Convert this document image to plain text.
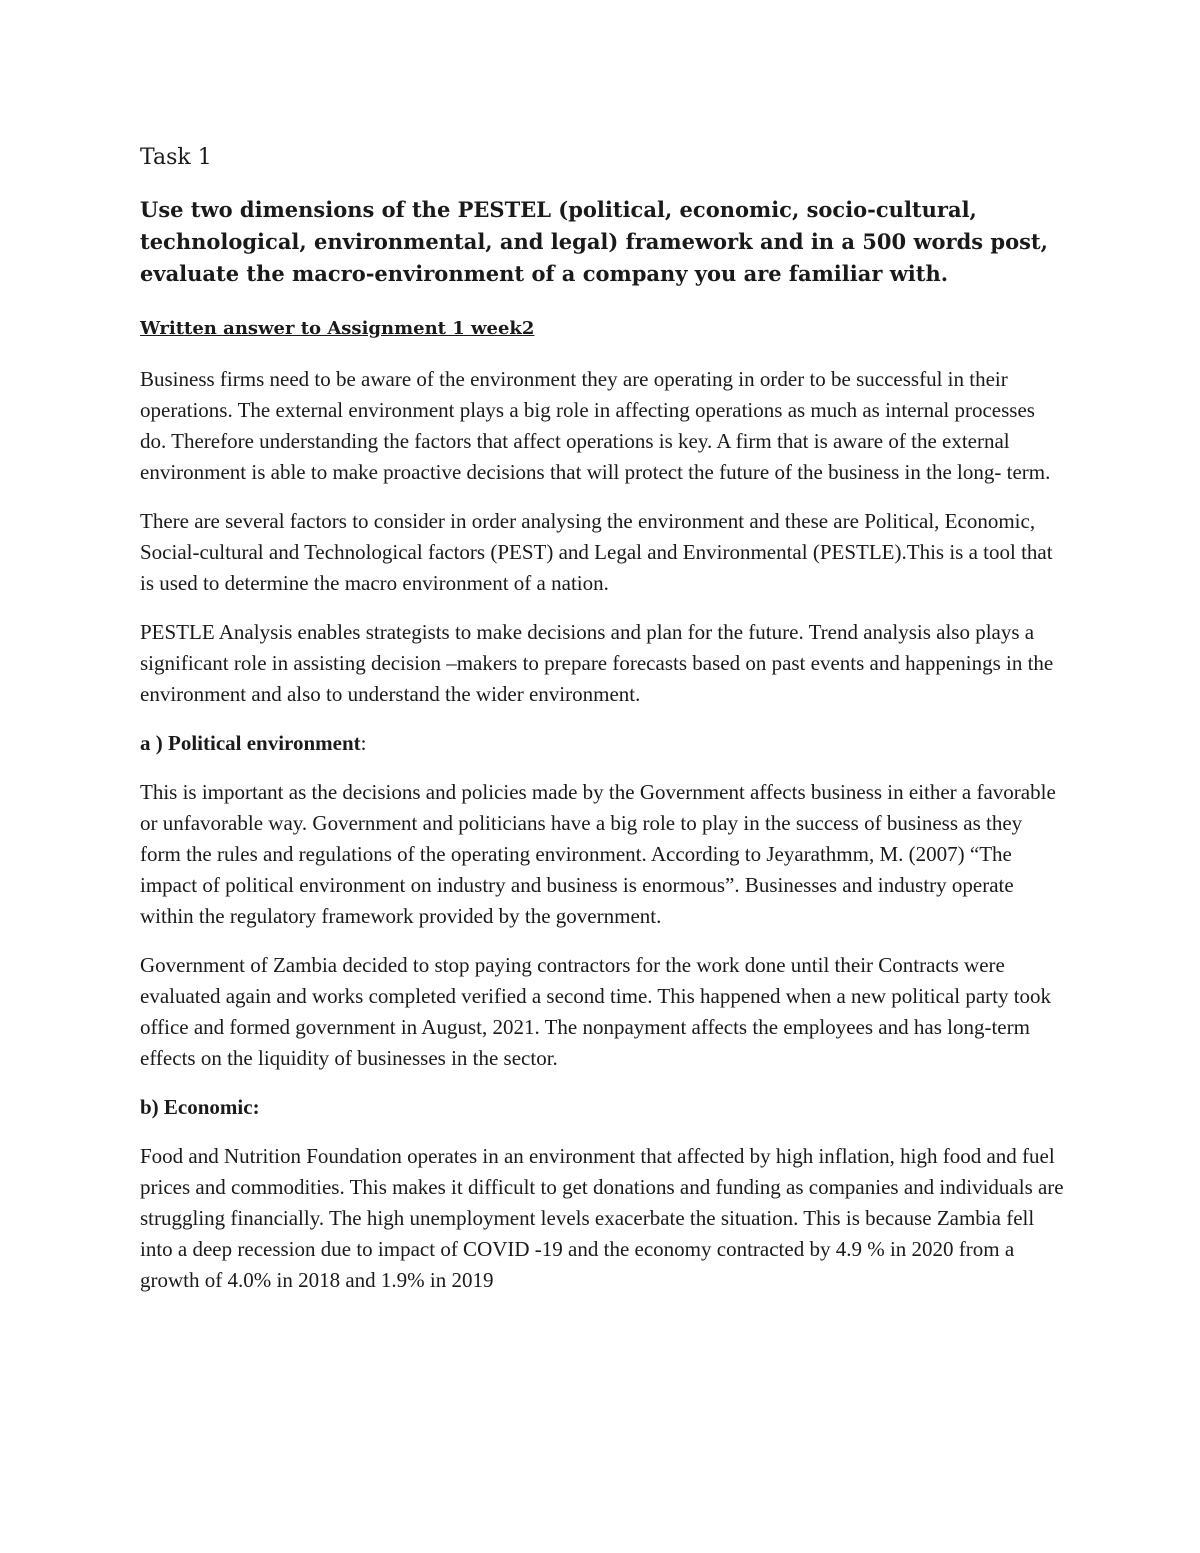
Task 1
Use two dimensions of the PESTEL (political, economic, socio-cultural, technological, environmental, and legal) framework and in a 500 words post, evaluate the macro-environment of a company you are familiar with.
Written answer to Assignment 1 week2

Business firms need to be aware of the environment they are operating in order to be successful in their operations. The external environment plays a big role in affecting operations as much as internal processes do. Therefore understanding the factors that affect operations is key. A firm that is aware of the external environment is able to make proactive decisions that will protect the future of the business in the long- term.

There are several factors to consider in order analysing the environment and these are Political, Economic, Social-cultural and Technological factors (PEST) and Legal and Environmental (PESTLE).This is a tool that is used to determine the macro environment of a nation.

PESTLE Analysis enables strategists to make decisions and plan for the future. Trend analysis also plays a significant role in assisting decision –makers to prepare forecasts based on past events and happenings in the environment and also to understand the wider environment.

a ) Political environment:

This is important as the decisions and policies made by the Government affects business in either a favorable or unfavorable way. Government and politicians have a big role to play in the success of business as they form the rules and regulations of the operating environment. According to Jeyarathmm, M. (2007) “The impact of political environment on industry and business is enormous”. Businesses and industry operate within the regulatory framework provided by the government.

Government of Zambia decided to stop paying contractors for the work done until their Contracts were evaluated again and works completed verified a second time. This happened when a new political party took office and formed government in August, 2021. The nonpayment affects the employees and has long-term effects on the liquidity of businesses in the sector.

b) Economic:

Food and Nutrition Foundation operates in an environment that affected by high inflation, high food and fuel prices and commodities. This makes it difficult to get donations and funding as companies and individuals are struggling financially. The high unemployment levels exacerbate the situation. This is because Zambia fell into a deep recession due to impact of COVID -19 and the economy contracted by 4.9 % in 2020 from a growth of 4.0% in 2018 and 1.9% in 2019
